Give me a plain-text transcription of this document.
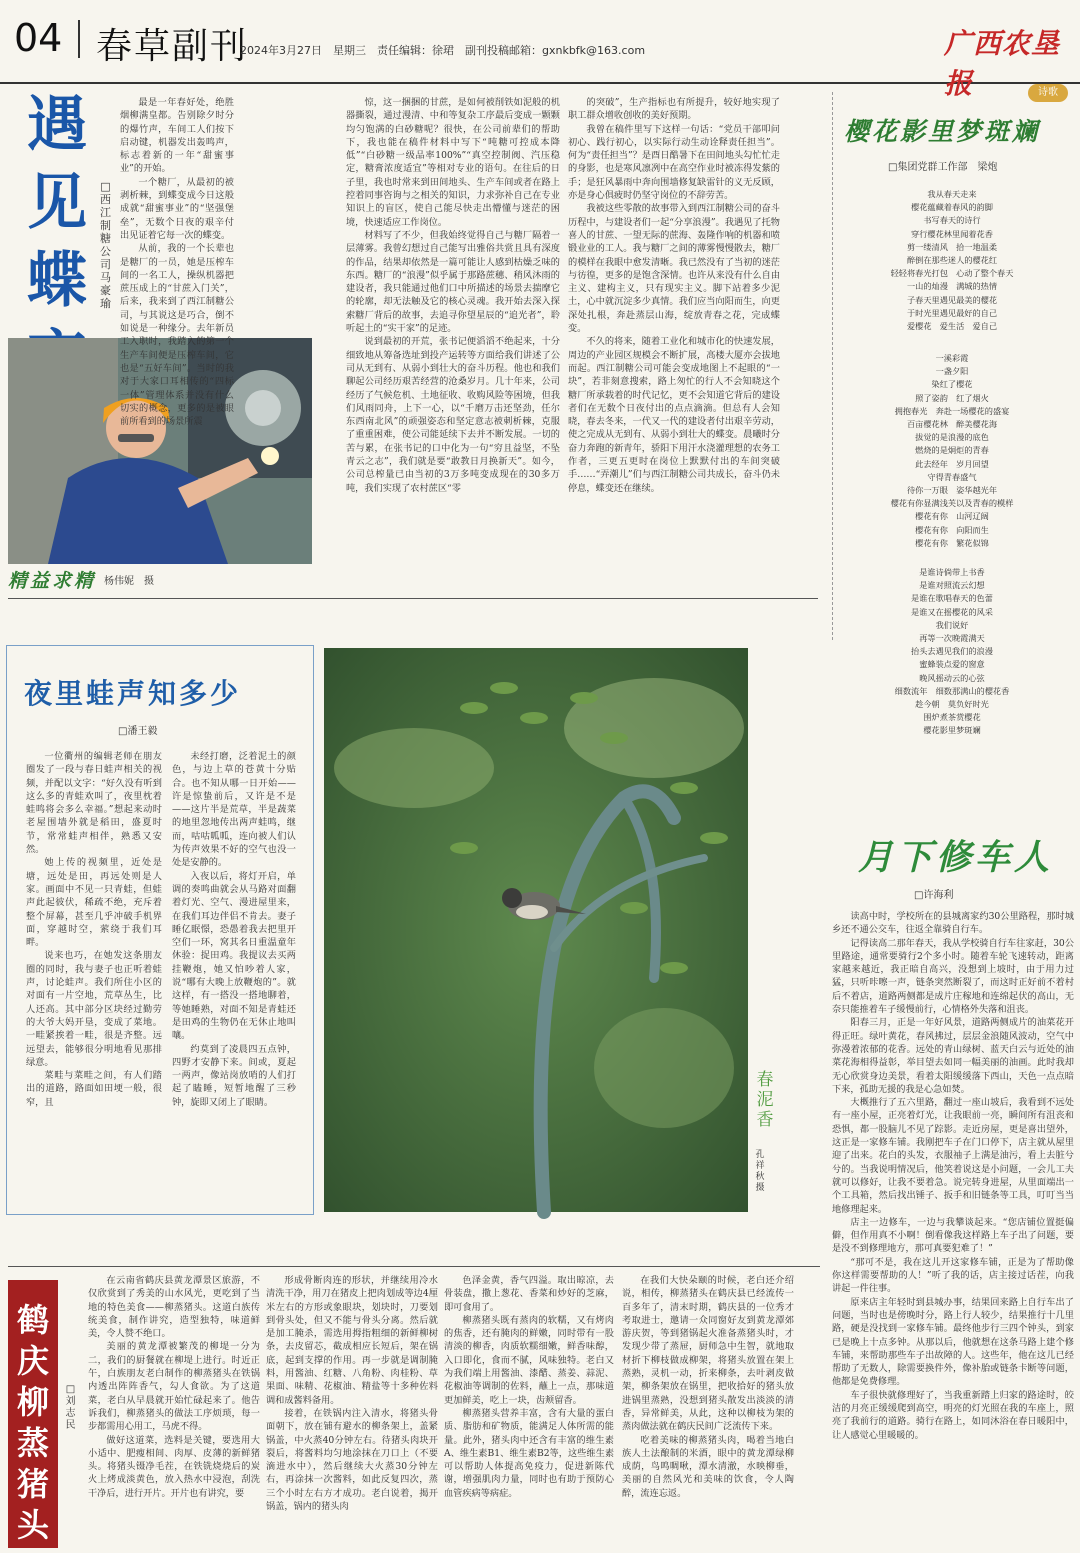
04 春草副刊
2024年3月27日　星期三　责任编辑：徐珺　副刊投稿邮箱：gxnkbfk@163.com	广西农垦报
遇见蝶
□西江制糖公司　马豪瑜

最是一年春好处，绝胜烟柳满皇都。告别除夕时分的爆竹声，车间工人们按下启动键，机器发出轰鸣声，标志着新的一年“甜蜜事业”的开始。

一个糖厂，从最初的被剥析棘，到蝶变成今日这般成就“甜蜜事业”的“坚强堡垒”，无数个日夜的艰辛付出见证着它每一次的蝶变。

从前，我的一个长辈也是糖厂的一员，她是压榨车间的一名工人，操纵机器把蔗压成上的“甘蔗入门关”，后来，我来到了西江制糖公司，与其说这是巧合，倒不如说是一种缘分。去年新员工入职时，我踏入的第一个生产车间便是压榨车间，它也是“五好车间”。当时的我对于大家口耳相传的“四标一体”管理体系并没有什么切实的概念，更多的是被眼前所看到的场景所震

惊，这一捆捆的甘蔗，是如何被削铁如泥般的机器撕裂，通过漫清、中和等复杂工序最后变成一颗颗均匀饱满的白砂糖呢？很快，在公司前辈们的帮助下，我也能在稿件材料中写下“吨糖可控成本降低”“白砂糖一级品率100%”“真空控制阀、汽压稳定，糖膏浓度适宜”等相对专业的语句。在往后的日子里，我也时常来到田间地头、生产车间或者在路上控着同事咨询与之相关的知识，力求弥补自己在专业知识上的盲区，使自己能尽快走出懵懂与迷茫的困境，快速适应工作岗位。

材料写了不少，但我始终觉得自己与糖厂隔着一层薄雾。我曾幻想过自己能写出雅俗共赏且具有深度的作品，结果却依然是一篇可能让人感到枯燥乏味的东西。糖厂的“浪漫”似乎属于那路蔗穗、稍风沐雨的建设者，我只能通过他们口中所描述的场景去揣摩它的轮廓，却无法触及它的核心灵魂。我开始去深入探索糖厂背后的故事，去追寻你望星辰的“追光者”，聆听起土的“实干家”的足迹。

说到最初的开荒，张书记便滔滔不绝起来，十分细致地从筹备选址到投产运转等方面给我们讲述了公司从无到有、从弱小到壮大的奋斗历程。他也和我们聊起公司经历艰苦经营的沧桑岁月。几十年来，公司经历了气候危机、土地征收、收购风险等困境，但我们风雨同舟，上下一心，以“千磨万击还坚劲，任尔东西南北风”的顽强姿态和坚定意志被刺析棘，克服了重重困难，使公司能延续下去并不断发展。一切的苦与累，在张书记的口中化为一句“穷且益坚，不坠青云之志”，我们就是要“敢教日月换新天”。如今，公司总榨量已由当初的3万多吨变成现在的30多万吨，我们实现了农村蔗区“零

的突破”，生产指标也有所提升，较好地实现了职工群众增收创收的美好预期。

我曾在稿件里写下这样一句话：“党员干部叩问初心、践行初心，以实际行动生动诠释责任担当”。何为“责任担当”？是酉日酷暑下在田间地头勾忙忙走的身影，也是寒风凛冽中在高空作业时被冻得发紫的手；是狂风暴雨中奔向围墙修复缺雷针的义无反顾，亦是身心俱疲时仍坚守岗位的不辞劳苦。

我被这些零散的故事带入到西江制糖公司的奋斗历程中，与建设者们一起“分享浪漫”。我遇见了托物喜人的甘蔗、一望无际的蔗海、轰隆作响的机器和喷锻业业的工人。我与糖厂之间的薄雾慢慢散去，糖厂的模样在我眼中愈发清晰。我已然没有了当初的迷茫与彷徨，更多的是饱含深情。也许从来没有什么自由主义、建构主义，只有现实主义。脚下站着多少泥土，心中就沉淀多少真情。我们应当向阳而生，向更深处扎根，奔赴蒸层山海，绽放青春之花，完成蝶变。

不久的将来，随着工业化和城市化的快速发展，周边的产业园区规模会不断扩展，高楼大厦亦会拔地而起。西江制糖公司可能会变成地图上不起眼的“一块”，若非刻意搜索，路上匆忙的行人不会知晓这个糖厂所承载着的时代记忆，更不会知道它背后的建设者们在无数个日夜付出的点点滴滴。但总有人会知晓，春去冬来，一代又一代的建设者付出艰辛劳动，使之完成从无到有、从弱小到壮大的蝶变。晨曦时分奋力奔跑的新青年，骄阳下用汗水浇灌理想的农务工作者，三更五更时在岗位上默默付出的车间突破手……“弄潮儿”们与西江制糖公司共成长，奋斗仍未停息，蝶变还在继续。

精益求精 杨伟妮　摄
诗歌
樱花影里梦斑斓
□集团党群工作部　梁炮
我从春天走来
樱花蕴藏着春风的韵脚
书写春天的诗行
穿行樱花林里闻着花香
剪一缕清风　拾一地温柔
醉倒在那些迷人的樱花红
轻轻将春光打包　心动了整个春天
一山的灿漫　满城的热情
子春天里遇见最美的樱花
于时光里遇见最好的自己
爱樱花　爱生活　爱自己
一溪彩霞
一盏夕阳
染红了樱花
照了姿韵　红了烟火
拥抱春光　奔赴一场樱花的盛宴
百亩樱花林　醉美樱花海
拔觉的是浪漫的底色
燃烧的是炯炬的青春
此去经年　岁月回望
守得青春盛气
待你一万眼　姿华越光年
樱花有你显满浅芙以及青春的模样
樱花有你　山河辽阔
樱花有你　向阳而生
樱花有你　繁花似锦
是谁诗倘带上书香
是谁对照流云幻想
是谁在歌唱春天的色蕾
是谁又在摇樱花的风采
我们说好
再等一次晚霞满天
抬头去遇见我们的浪漫
蜜蜂装点爱的窗意
晚风摇动云的心弦
细数流年　细数那满山的樱花香
趁今朝　莫负好时光
围炉煮茶赏樱花
樱花影里梦斑斓
夜里蛙声知多少
□潘王毅

一位衢州的编辑老师在朋友圈发了一段与春日蛙声相关的视频，并配以文字：“好久没有听到这么多的青蛙欢叫了，夜里枕着蛙鸣将会多么幸福。”想起来动时老屋围墙外就是稻田，盛夏时节，常常蛙声相伴，熟悉又安然。

她上传的视频里，近处是塘，远处是田，再远处则是人家。画面中不见一只青蛙，但蛙声此起彼伏，稀疏不绝，充斥着整个屏幕，甚至几乎冲破手机界面，穿越时空，萦绕于我们耳畔。

说来也巧，在她发这条朋友圈的同时，我与妻子也正听着蛙声，讨论蛙声。我们所住小区的对面有一片空地，荒草丛生，比人还高。其中部分区块经过勤劳的大爷大妈开垦，变成了菜地。一畦紧挨着一畦，很是齐整。远远望去，能够很分明地看见那排绿意。

菜畦与菜畦之间，有人们踏出的道路，路面如田埂一般，很窄，且

未经打磨，泛着泥土的颜色，与边上草的苍黄十分贴合。也不知从哪一日开始——许是惊蛰前后，又许是不是——这片半是荒草，半是蔬菜的地里忽地传出两声蛙鸣，继而，咕咕呱呱，连向被人们认为传声效果不好的空气也没一处是安静的。

入夜以后，将灯开启，单调的奏鸣曲就会从马路对面翻着灯光、空气、漫进屋里来，在我们耳边伴侣不肯去。妻子睡亿眠憬，恐愚着我去把里开空们一环，窝其名日重温童年休验：捉田鸡。我提议去买两挂鞭炮，她又怕吵着人家，说“哪有大晚上放鞭炮的”。就这样，有一搭没一搭地聊着，等她睡熟，对面不知是青蛙还是田鸡的生物仍在无休止地叫嚷。

约莫到了凌晨四五点钟，四野才安静下来。间或，夏起一两声，像站岗放哨的人们打起了瞌睡，短暂地醒了三秒钟，旋即又闭上了眼睛。

春泥香
孔祥秋　摄
月下修车人
□许海利

读高中时，学校所在的县城离家约30公里路程，那时城乡还不通公交车，往返全靠骑自行车。

记得读高二那年春天，我从学校骑自行车往家赶，30公里路途，通常要骑行2个多小时。随着车轮飞速转动，距离家越来越近，我正暗自高兴，没想到上坡时，由于用力过猛，只听咔嚓一声，链条突然断裂了，而这时正好前不着村后不着店，道路两侧都是成片庄稼地和连绵起伏的高山，无奈只能推着车子缓慢前行，心情格外失落和沮丧。

阳春三月，正是一年好风景，道路两侧成片的油菜花开得正旺。绿叶黄花，春风拂过，层层金浪随风波动，空气中弥漫着浓郁的花香。远处的青山绿树、蓝天白云与近处的油菜花海相得益彰，举目望去如同一幅美丽的油画。此时我却无心欣赏身边美景，看着太阳缓缓落下西山，天色一点点暗下来，孤助无援的我是心急如焚。

大概推行了五六里路，翻过一座山坡后，我看到不远处有一座小屋，正亮着灯光，让我眼前一亮，瞬间所有沮丧和恐惧，都一股脑儿不见了踪影。走近房屋，更是喜出望外，这正是一家修车铺。我刚把车子在门口停下，店主就从屋里迎了出来。花白的头发，衣服袖子上满是油污，看上去脏兮兮的。当我说明情况后，他笑着说这是小问题，一会儿工夫就可以修好，让我不要着急。说完转身进屋，从里面端出一个工具箱，然后找出锤子、扳手和旧链条等工具，叮叮当当地修理起来。

店主一边修车，一边与我攀谈起来。“您店铺位置挺偏僻，但作用真不小啊！倒看像我这样路上车子出了问题，要是没不到修理地方，那可真要犯难了！”

“那可不是，我在这儿开这家修车铺，正是为了帮助像你这样需要帮助的人！”听了我的话，店主接过话茬，向我讲起一件往事。

原来店主年轻时到县城办事，结果回来路上自行车出了问题，当时也是傍晚时分，路上行人较少，结果推行十几里路，硬是没找到一家修车铺。最终他步行三四个钟头，到家已是晚上十点多钟。从那以后，他就想在这条马路上建个修车铺，来帮助那些车子出故障的人。这些年，他在这儿已经帮助了无数人，除需要换件外，像补胎或链条卡断等问题，他都是免费修理。

车子很快就修理好了，当我重新踏上归家的路途时，皎洁的月亮正缓缓爬到高空，明亮的灯光照在我的车座上，照亮了我前行的道路。骑行在路上，如同沐浴在春日暖阳中，让人感觉心里暖暖的。

鹤庆柳蒸猪头
□刘志民

在云南省鹤庆县黄龙潭景区旅游，不仅欣赏到了秀美的山水风光，更吃到了当地的特色美食——柳蒸猪头。这道白族传统美食，制作讲究，造型独特，味道鲜美，令人赞不绝口。

美丽的黄龙潭被繁茂的柳堤一分为二，我们的厨餐就在柳堤上进行。时近正午，白族朋友老白制作的柳蒸猪头在铁锅内透出阵阵香气，勾人食欲。为了这道菜，老白从早晨就开始忙碌起来了。他告诉我们，柳蒸猪头的做法工序烦琐，每一步都需用心用工，马虎不得。

做好这道菜，选料是关键，要选用大小适中、肥瘦相间、肉厚、皮薄的新鲜猪头。将猪头镊净毛茬，在铁铣烧烧后的炭火上烤成淡黄色，放入热水中浸泡，刮洗干净后，进行开片。开片也有讲究，要

形成骨断肉连的形状，并继续用冷水清洗干净，用刀在猪皮上把肉划成等边4厘米左右的方形或象眼块，划块时，刀要划到骨头处，但又不能与骨头分离。然后就是加工腌杀，需选用拇指粗细的新鲜柳树条，去皮留芯，截成相应长短后，架在锅底，起到支撑的作用。再一步就是调制腌料，用酱油、红糖、八角粉、肉桂粉、草果面、味精、花椒油、精盐等十多种佐料调和成酱料备用。

接着，在铁锅内注入清水，将猪头骨面朝下，放在铺有避水的柳条架上，盖紧锅盖，中火蒸40分钟左右。待猪头肉块开裂后，将酱料均匀地涂抹在刀口上（不要滴进水中），然后继续大火蒸30分钟左右，再涂抹一次酱料，如此反复四次，蒸三个小时左右方才成功。老白说着，揭开锅盖，锅内的猪头肉

色泽金黄，香气四溢。取出晾凉，去骨装盘，撒上葱花、香菜和炒好的芝麻，即可食用了。

柳蒸猪头既有蒸肉的软糯，又有烤肉的焦香，还有腌肉的鲜嫩，同时带有一股清淡的柳香，肉质软糯细嫩，鲜香味醇，入口即化，食而不腻，风味独特。老白又为我们端上用酱油、漆醋、蒸姜、蒜泥、花椒油等调制的佐料，蘸上一点，那味道更加鲜美，吃上一块，齿颊留香。

柳蒸猪头营养丰富，含有大量的蛋白质、脂肪和矿物质，能满足人体所需的能量。此外，猪头肉中还含有丰富的维生素A、维生素B1、维生素B2等，这些维生素可以帮助人体提高免疫力，促进新陈代谢，增强肌肉力量，同时也有助于预防心血管疾病等病症。

在我们大快朵颐的时候，老白还介绍说，相传，柳蒸猪头在鹤庆县已经流传一百多年了，清末时期，鹤庆县的一位秀才考取进士，邀请一众同窗好友到黄龙潭郊游庆贺，等到猪锅起火准备蒸猪头时，才发现少带了蒸屉，厨师急中生智，就地取材折下柳枝做成柳架，将猪头放置在架上蒸熟，灵机一动，折来柳条，去叶剥皮做架，柳条架放在锅里，把收拾好的猪头放进锅里蒸熟，没想到猪头散发出淡淡的清香，异常鲜美，从此，这种以柳枝为架的蒸肉做法就在鹤庆民间广泛流传下来。

吃着美味的柳蒸猪头肉，喝着当地白族人土法酿制的米酒，眼中的黄龙潭绿柳成荫，鸟鸣啁啾，潭水清澈，水映柳垂，美丽的自然风光和美味的饮食，令人陶醉，流连忘返。
